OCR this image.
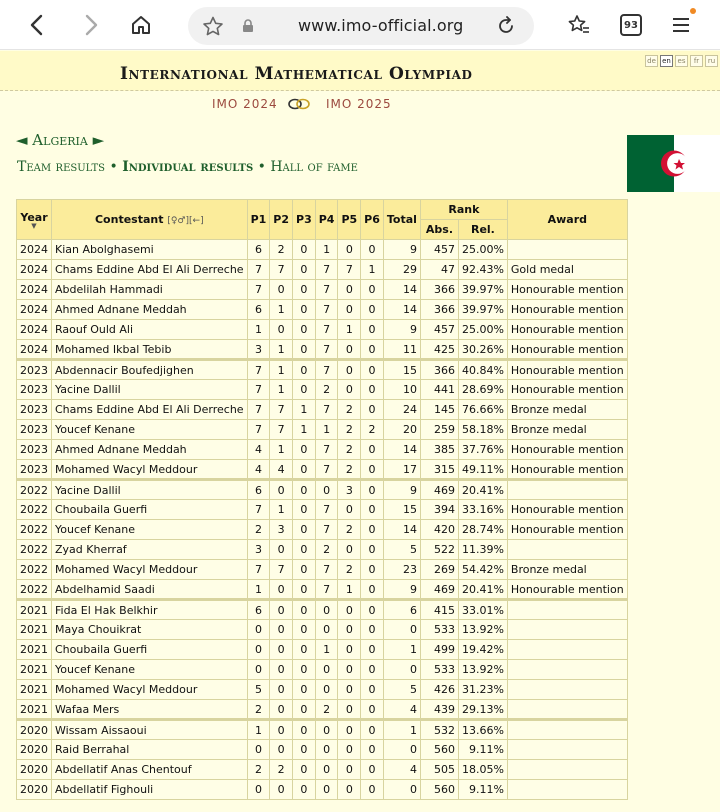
www.imo-official.org	93
International Mathematical Olympiad
de en es	fr	ru
IMO 2024	IMO 2025
◄ Algeria ►
Team results • Individual results • Hall of fame
Year
▼	Contestant [♀♂][←]	P1	P2	P3	P4	P5	P6	Total	Rank		Award
									Abs.	Rel.	
2024	Kian Abolghasemi	6	2	0	1	0	0	9	457	25.00%	
2024	Chams Eddine Abd El Ali Derreche	7	7	0	7	7	1	29	47	92.43%	Gold medal
2024	Abdelilah Hammadi	7	0	0	7	0	0	14	366	39.97%	Honourable mention
2024	Ahmed Adnane Meddah	6	1	0	7	0	0	14	366	39.97%	Honourable mention
2024	Raouf Ould Ali	1	0	0	7	1	0	9	457	25.00%	Honourable mention
2024	Mohamed Ikbal Tebib	3	1	0	7	0	0	11	425	30.26%	Honourable mention
2023	Abdennacir Boufedjighen	7	1	0	7	0	0	15	366	40.84%	Honourable mention
2023	Yacine Dallil	7	1	0	2	0	0	10	441	28.69%	Honourable mention
2023	Chams Eddine Abd El Ali Derreche	7	7	1	7	2	0	24	145	76.66%	Bronze medal
2023	Youcef Kenane	7	7	1	1	2	2	20	259	58.18%	Bronze medal
2023	Ahmed Adnane Meddah	4	1	0	7	2	0	14	385	37.76%	Honourable mention
2023	Mohamed Wacyl Meddour	4	4	0	7	2	0	17	315	49.11%	Honourable mention
2022	Yacine Dallil	6	0	0	0	3	0	9	469	20.41%	
2022	Choubaila Guerfi	7	1	0	7	0	0	15	394	33.16%	Honourable mention
2022	Youcef Kenane	2	3	0	7	2	0	14	420	28.74%	Honourable mention
2022	Zyad Kherraf	3	0	0	2	0	0	5	522	11.39%	
2022	Mohamed Wacyl Meddour	7	7	0	7	2	0	23	269	54.42%	Bronze medal
2022	Abdelhamid Saadi	1	0	0	7	1	0	9	469	20.41%	Honourable mention
2021	Fida El Hak Belkhir	6	0	0	0	0	0	6	415	33.01%	
2021	Maya Chouikrat	0	0	0	0	0	0	0	533	13.92%	
2021	Choubaila Guerfi	0	0	0	1	0	0	1	499	19.42%	
2021	Youcef Kenane	0	0	0	0	0	0	0	533	13.92%	
2021	Mohamed Wacyl Meddour	5	0	0	0	0	0	5	426	31.23%	
2021	Wafaa Mers	2	0	0	2	0	0	4	439	29.13%	
2020	Wissam Aissaoui	1	0	0	0	0	0	1	532	13.66%	
2020	Raid Berrahal	0	0	0	0	0	0	0	560	9.11%	
2020	Abdellatif Anas Chentouf	2	2	0	0	0	0	4	505	18.05%	
2020	Abdellatif Fighouli	0	0	0	0	0	0	0	560	9.11%	
